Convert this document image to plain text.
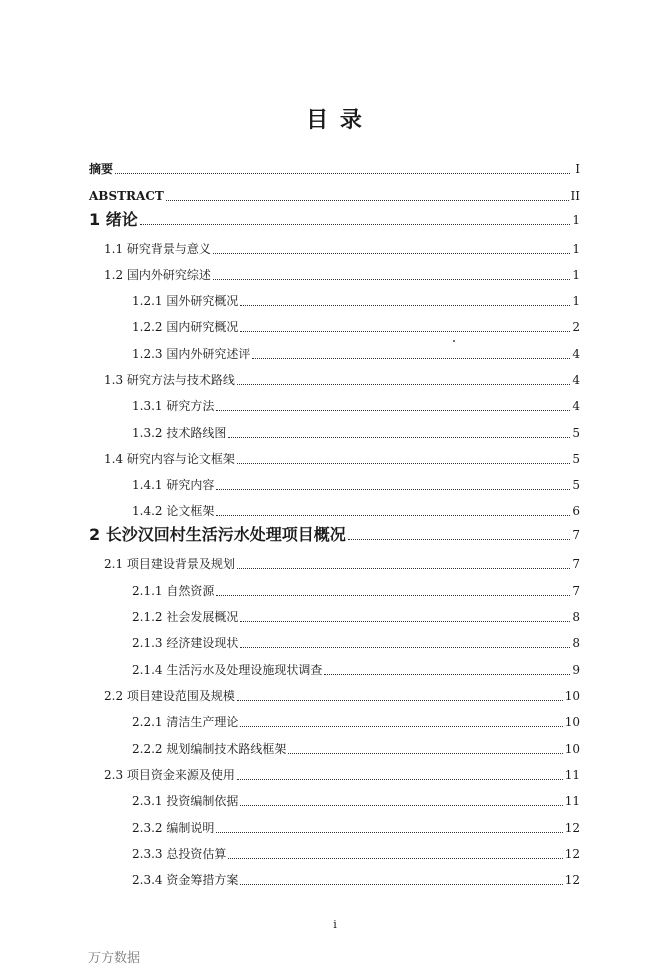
目 录
摘要	I
ABSTRACT	II
1 绪论	1
1.1 研究背景与意义	1
1.2 国内外研究综述	1
1.2.1 国外研究概况	1
1.2.2 国内研究概况	2
1.2.3 国内外研究述评	4
1.3 研究方法与技术路线	4
1.3.1 研究方法	4
1.3.2 技术路线图	5
1.4 研究内容与论文框架	5
1.4.1 研究内容	5
1.4.2 论文框架	6
2 长沙汉回村生活污水处理项目概况	7
2.1 项目建设背景及规划	7
2.1.1 自然资源	7
2.1.2 社会发展概况	8
2.1.3 经济建设现状	8
2.1.4 生活污水及处理设施现状调查	9
2.2 项目建设范围及规模	10
2.2.1 清洁生产理论	10
2.2.2 规划编制技术路线框架	10
2.3 项目资金来源及使用	11
2.3.1 投资编制依据	11
2.3.2 编制说明	12
2.3.3 总投资估算	12
2.3.4 资金筹措方案	12
i
万方数据
